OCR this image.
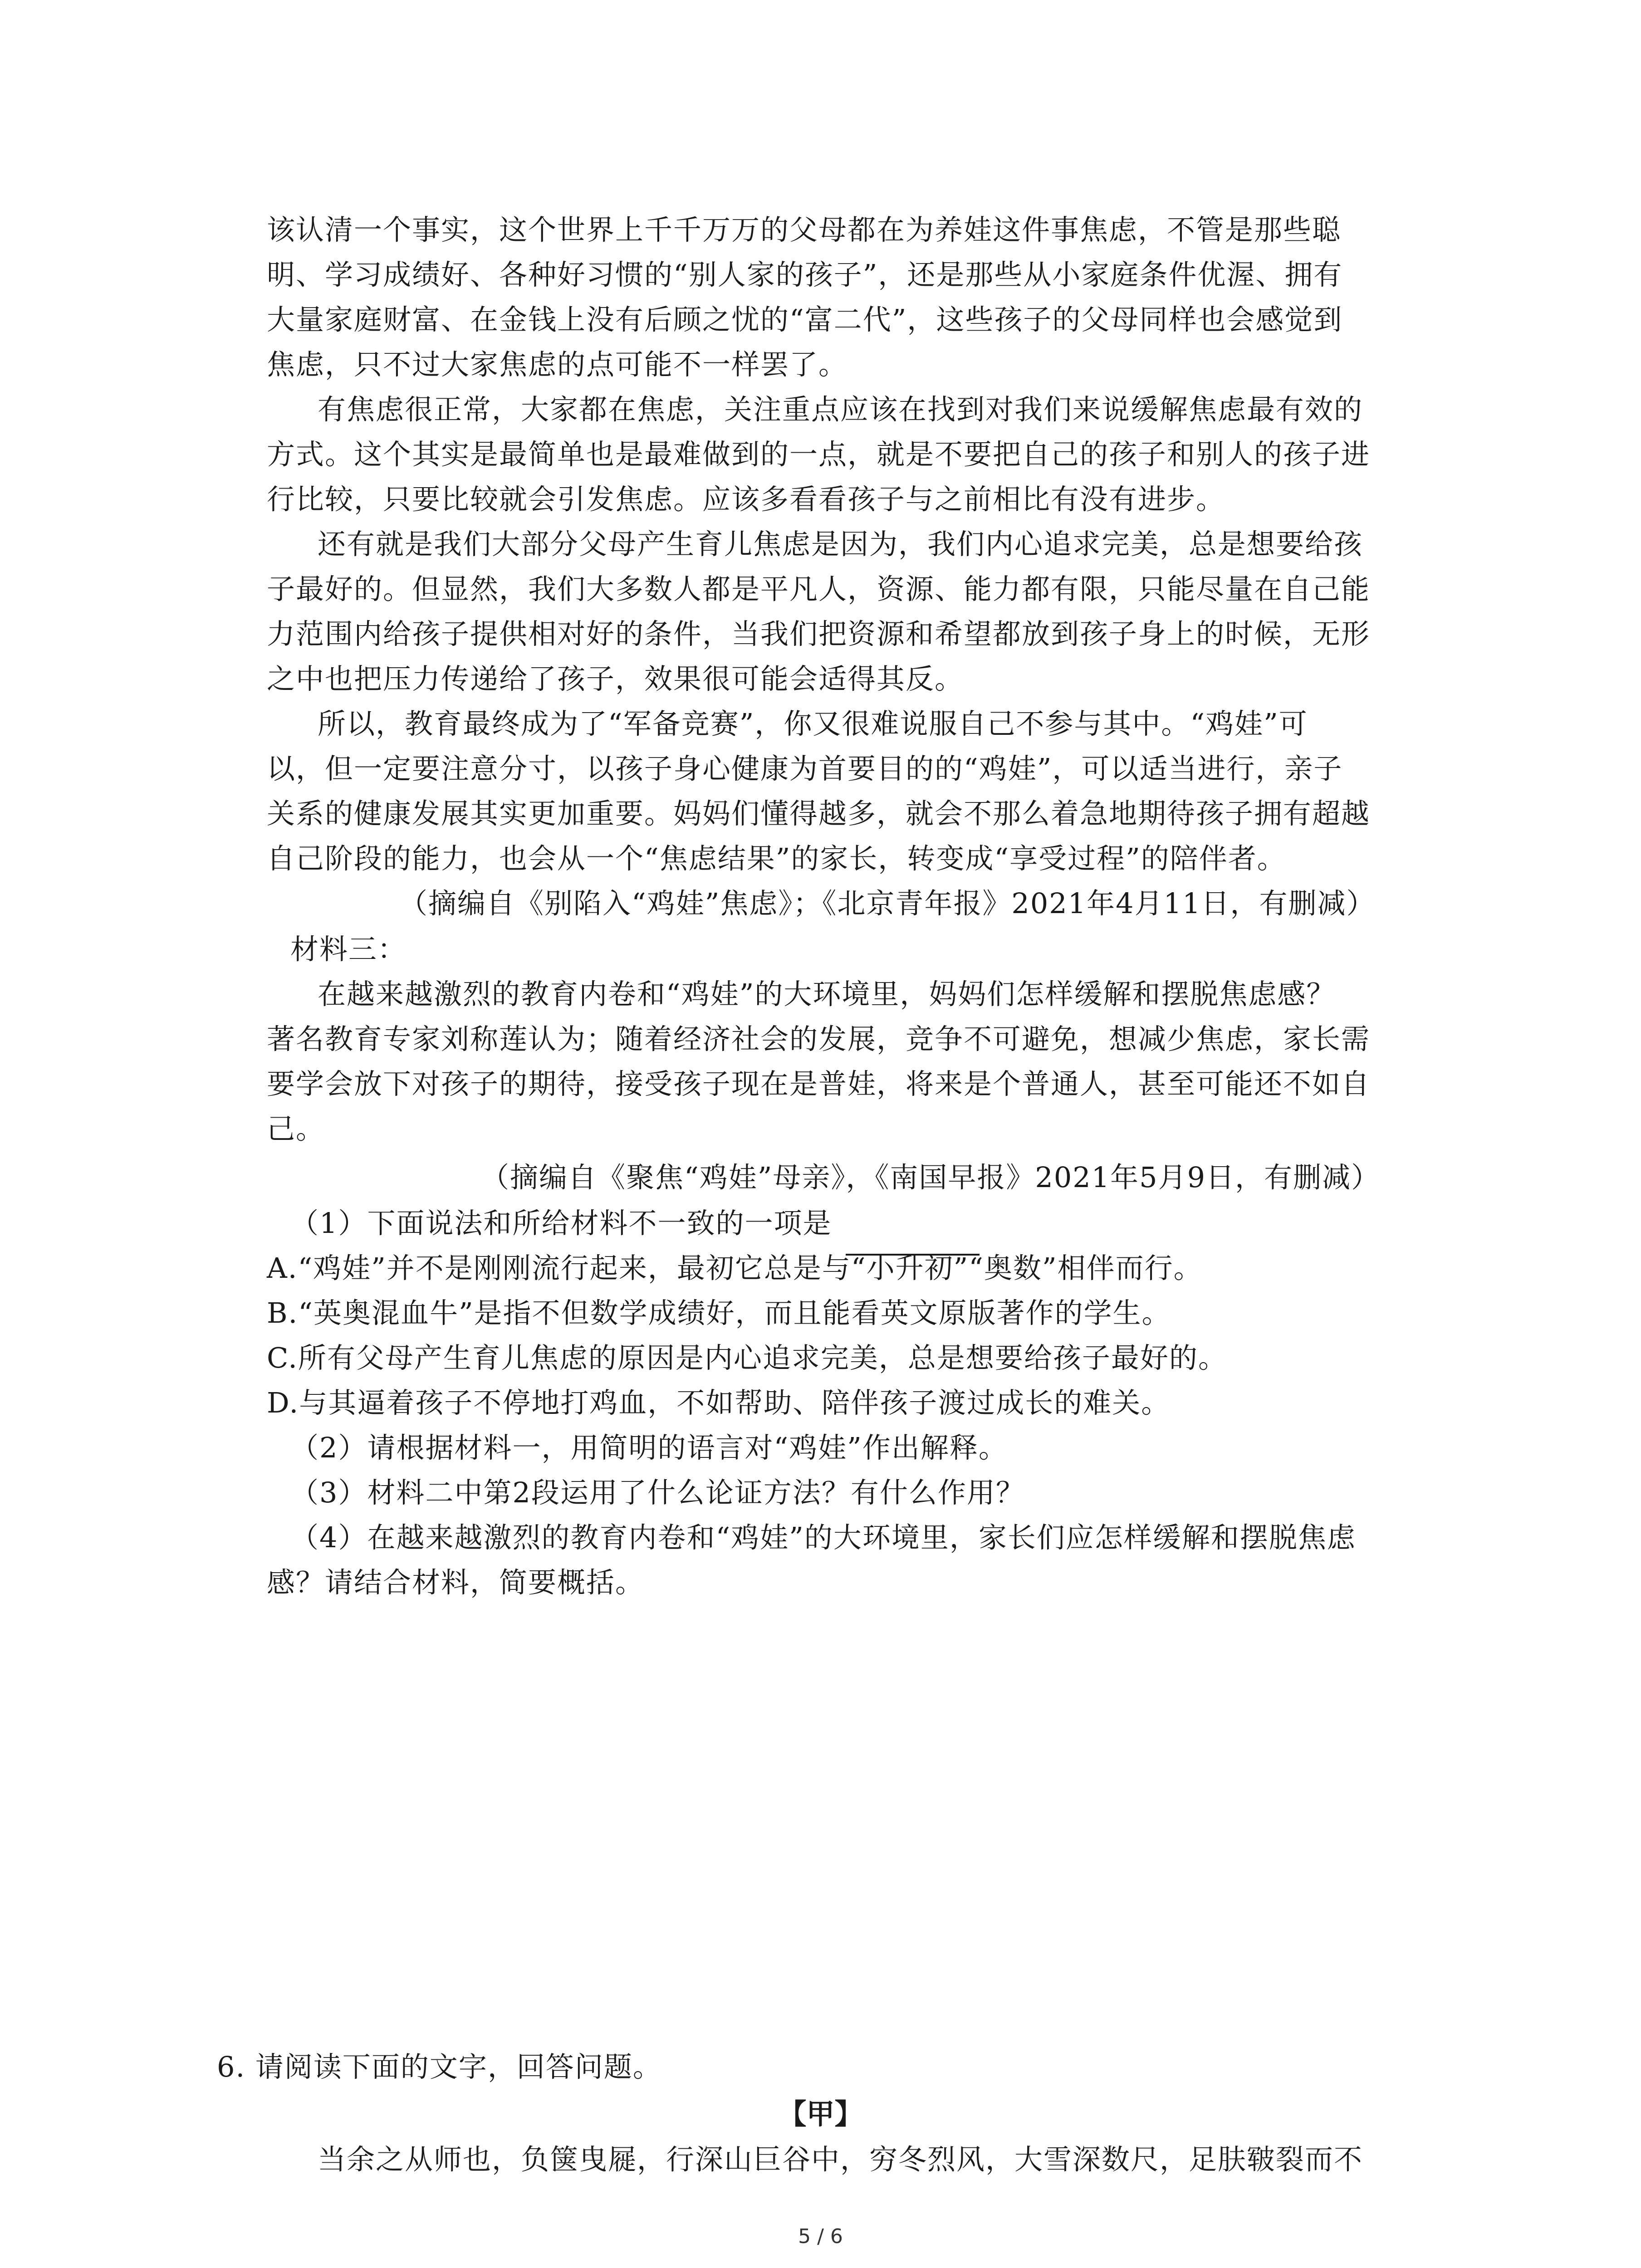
该认清一个事实，这个世界上千千万万的父母都在为养娃这件事焦虑，不管是那些聪
明、学习成绩好、各种好习惯的“别人家的孩子”，还是那些从小家庭条件优渥、拥有
大量家庭财富、在金钱上没有后顾之忧的“富二代”，这些孩子的父母同样也会感觉到
焦虑，只不过大家焦虑的点可能不一样罢了。
有焦虑很正常，大家都在焦虑，关注重点应该在找到对我们来说缓解焦虑最有效的
方式。这个其实是最简单也是最难做到的一点，就是不要把自己的孩子和别人的孩子进
行比较，只要比较就会引发焦虑。应该多看看孩子与之前相比有没有进步。
还有就是我们大部分父母产生育儿焦虑是因为，我们内心追求完美，总是想要给孩
子最好的。但显然，我们大多数人都是平凡人，资源、能力都有限，只能尽量在自己能
力范围内给孩子提供相对好的条件，当我们把资源和希望都放到孩子身上的时候，无形
之中也把压力传递给了孩子，效果很可能会适得其反。
所以，教育最终成为了“军备竞赛”，你又很难说服自己不参与其中。“鸡娃”可
以，但一定要注意分寸，以孩子身心健康为首要目的的“鸡娃”，可以适当进行，亲子
关系的健康发展其实更加重要。妈妈们懂得越多，就会不那么着急地期待孩子拥有超越
自己阶段的能力，也会从一个“焦虑结果”的家长，转变成“享受过程”的陪伴者。
（摘编自《别陷入“鸡娃”焦虑》；《北京青年报》2021年4月11日，有删减）
材料三：
在越来越激烈的教育内卷和“鸡娃”的大环境里，妈妈们怎样缓解和摆脱焦虑感？
著名教育专家刘称莲认为；随着经济社会的发展，竞争不可避免，想减少焦虑，家长需
要学会放下对孩子的期待，接受孩子现在是普娃，将来是个普通人，甚至可能还不如自
己。
（摘编自《聚焦“鸡娃”母亲》，《南国早报》2021年5月9日，有删减）
（1）下面说法和所给材料不一致的一项是
A.“鸡娃”并不是刚刚流行起来，最初它总是与“小升初”“奥数”相伴而行。
B.“英奥混血牛”是指不但数学成绩好，而且能看英文原版著作的学生。
C.所有父母产生育儿焦虑的原因是内心追求完美，总是想要给孩子最好的。
D.与其逼着孩子不停地打鸡血，不如帮助、陪伴孩子渡过成长的难关。
（2）请根据材料一，用简明的语言对“鸡娃”作出解释。
（3）材料二中第2段运用了什么论证方法？有什么作用？
（4）在越来越激烈的教育内卷和“鸡娃”的大环境里，家长们应怎样缓解和摆脱焦虑
感？请结合材料，简要概括。
6. 请阅读下面的文字，回答问题。
【甲】
当余之从师也，负箧曳屣，行深山巨谷中，穷冬烈风，大雪深数尺，足肤皲裂而不
5 / 6
